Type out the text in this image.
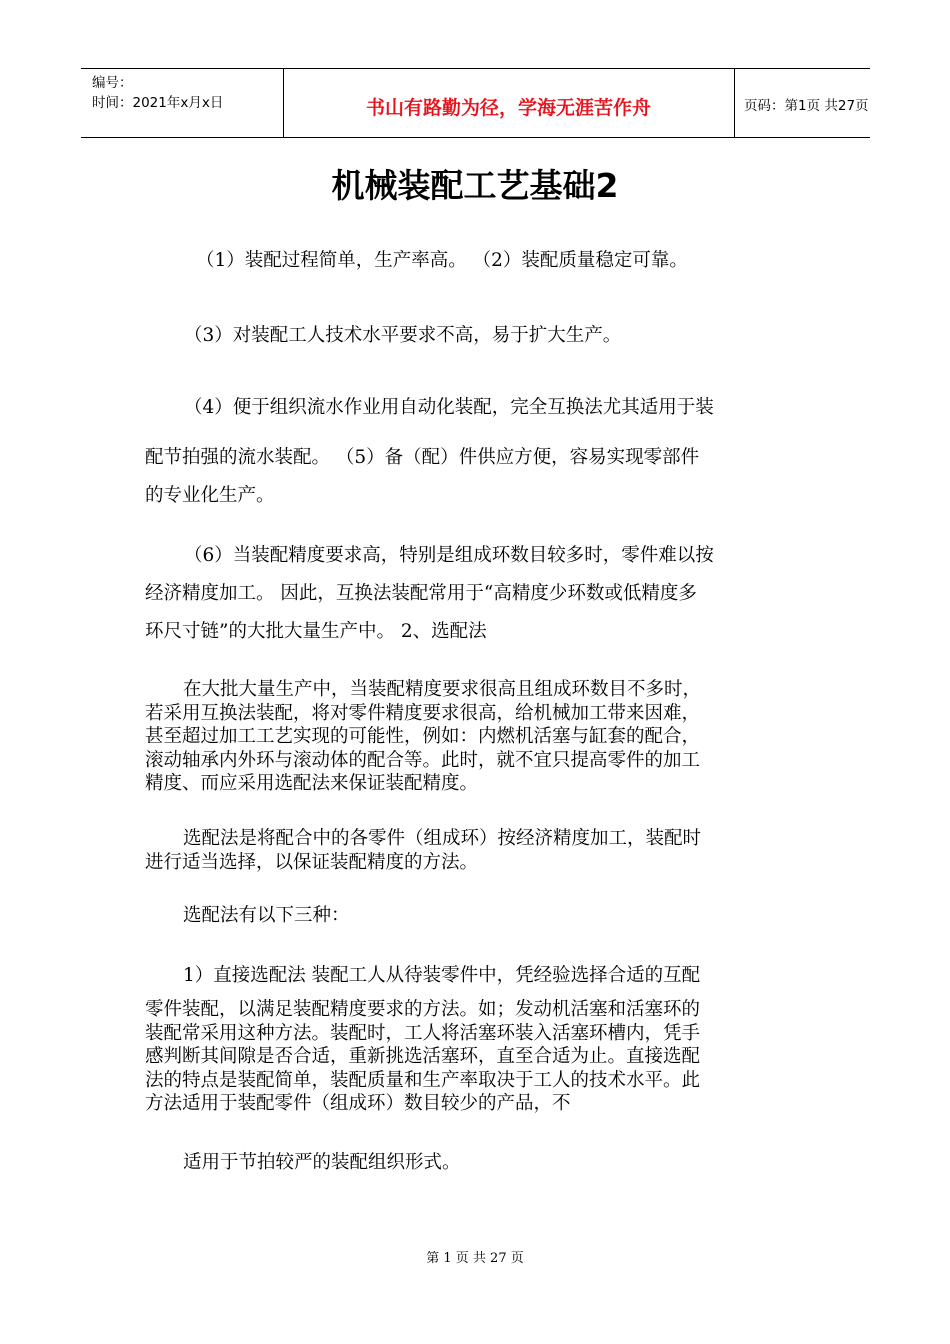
编号：
时间：2021年x月x日	书山有路勤为径，学海无涯苦作舟	页码：第1页 共27页
机械装配工艺基础2
（1）装配过程简单，生产率高。 （2）装配质量稳定可靠。
（3）对装配工人技术水平要求不高，易于扩大生产。
（4）便于组织流水作业用自动化装配，完全互换法尤其适用于装
配节拍强的流水装配。 （5）备（配）件供应方便，容易实现零部件
的专业化生产。
（6）当装配精度要求高，特别是组成环数目较多时，零件难以按
经济精度加工。 因此，互换法装配常用于“高精度少环数或低精度多
环尺寸链”的大批大量生产中。 2、选配法
在大批大量生产中，当装配精度要求很高且组成环数目不多时，
若采用互换法装配，将对零件精度要求很高，给机械加工带来因难，
甚至超过加工工艺实现的可能性，例如：内燃机活塞与缸套的配合，
滚动轴承内外环与滚动体的配合等。此时，就不宜只提高零件的加工
精度、而应采用选配法来保证装配精度。
选配法是将配合中的各零件（组成环）按经济精度加工，装配时
进行适当选择，以保证装配精度的方法。
选配法有以下三种：
1）直接选配法 装配工人从待装零件中，凭经验选择合适的互配
零件装配，以满足装配精度要求的方法。如；发动机活塞和活塞环的
装配常采用这种方法。装配时，工人将活塞环装入活塞环槽内，凭手
感判断其间隙是否合适，重新挑选活塞环，直至合适为止。直接选配
法的特点是装配简单，装配质量和生产率取决于工人的技术水平。此
方法适用于装配零件（组成环）数目较少的产品，不
适用于节拍较严的装配组织形式。
第 1 页 共 27 页
